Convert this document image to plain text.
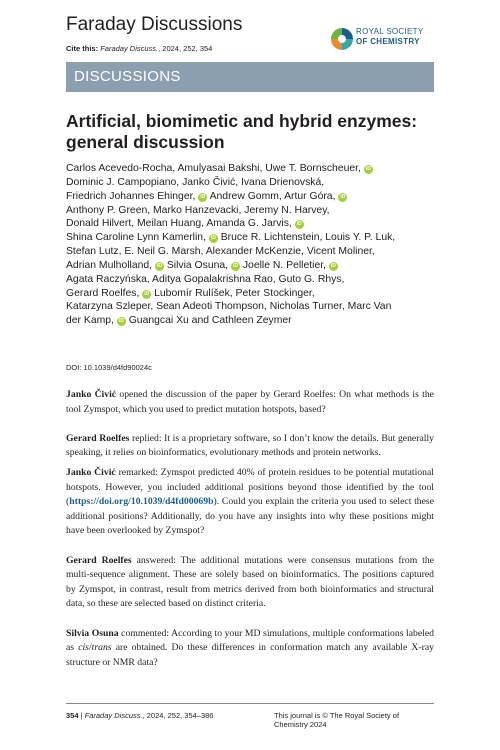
Faraday Discussions
Cite this: Faraday Discuss., 2024, 252, 354
ROYAL SOCIETY
OF CHEMISTRY
DISCUSSIONS
Artificial, biomimetic and hybrid enzymes: general discussion
Carlos Acevedo-Rocha, Amulyasai Bakshi, Uwe T. Bornscheuer, iD
Dominic J. Campopiano, Janko Čivić, Ivana Drienovská,
Friedrich Johannes Ehinger, iD Andrew Gomm, Artur Góra, iD
Anthony P. Green, Marko Hanzevacki, Jeremy N. Harvey,
Donald Hilvert, Meilan Huang, Amanda G. Jarvis, iD
Shina Caroline Lynn Kamerlin, iD Bruce R. Lichtenstein, Louis Y. P. Luk,
Stefan Lutz, E. Neil G. Marsh, Alexander McKenzie, Vicent Moliner,
Adrian Mulholland, iD Silvia Osuna, iD Joelle N. Pelletier, iD
Agata Raczyńska, Aditya Gopalakrishna Rao, Guto G. Rhys,
Gerard Roelfes, iD Lubomír Rulíšek, Peter Stockinger,
Katarzyna Szleper, Sean Adeoti Thompson, Nicholas Turner, Marc Van
der Kamp, iD Guangcai Xu and Cathleen Zeymer
DOI: 10.1039/d4fd90024c

Janko Čivić opened the discussion of the paper by Gerard Roelfes: On what methods is the tool Zymspot, which you used to predict mutation hotspots, based?

Gerard Roelfes replied: It is a proprietary software, so I don’t know the details. But generally speaking, it relies on bioinformatics, evolutionary methods and protein networks.

Janko Čivić remarked: Zymspot predicted 40% of protein residues to be potential mutational hotspots. However, you included additional positions beyond those identified by the tool (https://doi.org/10.1039/d4fd00069b). Could you explain the criteria you used to select these additional positions? Additionally, do you have any insights into why these positions might have been overlooked by Zymspot?

Gerard Roelfes answered: The additional mutations were consensus mutations from the multi-sequence alignment. These are solely based on bioinformatics. The positions captured by Zymspot, in contrast, result from metrics derived from both bioinformatics and structural data, so these are selected based on distinct criteria.

Silvia Osuna commented: According to your MD simulations, multiple conformations labeled as cis/trans are obtained. Do these differences in conformation match any available X-ray structure or NMR data?

354 | Faraday Discuss., 2024, 252, 354–386	This journal is © The Royal Society of Chemistry 2024
